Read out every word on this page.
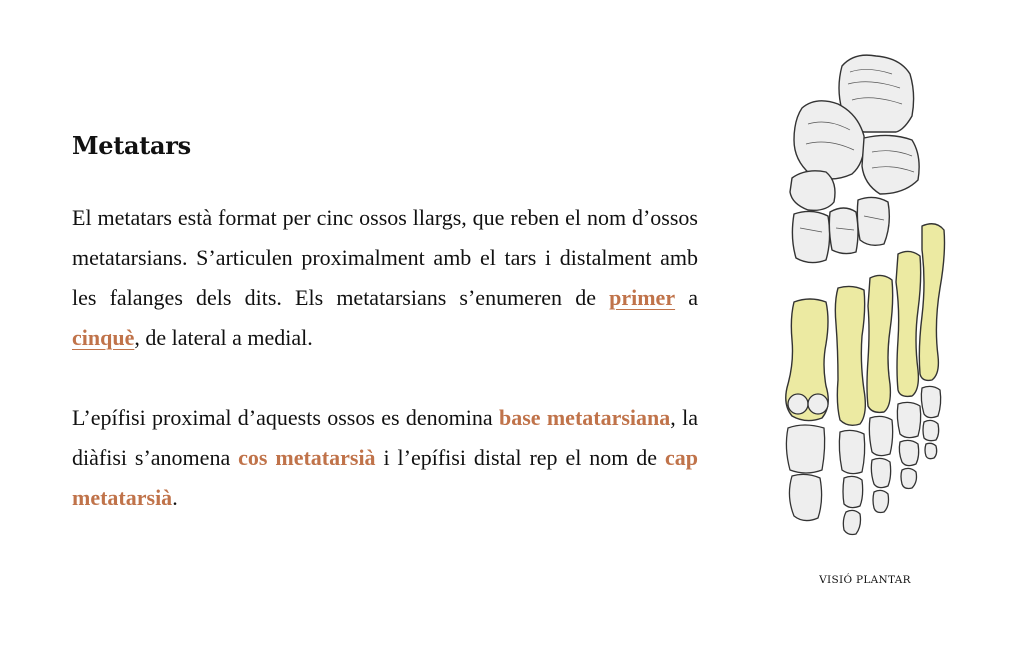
Metatars

El metatars està format per cinc ossos llargs, que reben el nom d’ossos metatarsians. S’articulen proximalment amb el tars i distalment amb les falanges dels dits. Els metatarsians s’enumeren de primer a cinquè, de lateral a medial.

L’epífisi proximal d’aquests ossos es denomina base metatarsiana, la diàfisi s’anomena cos metatarsià i l’epífisi distal rep el nom de cap metatarsià.

VISIÓ PLANTAR
